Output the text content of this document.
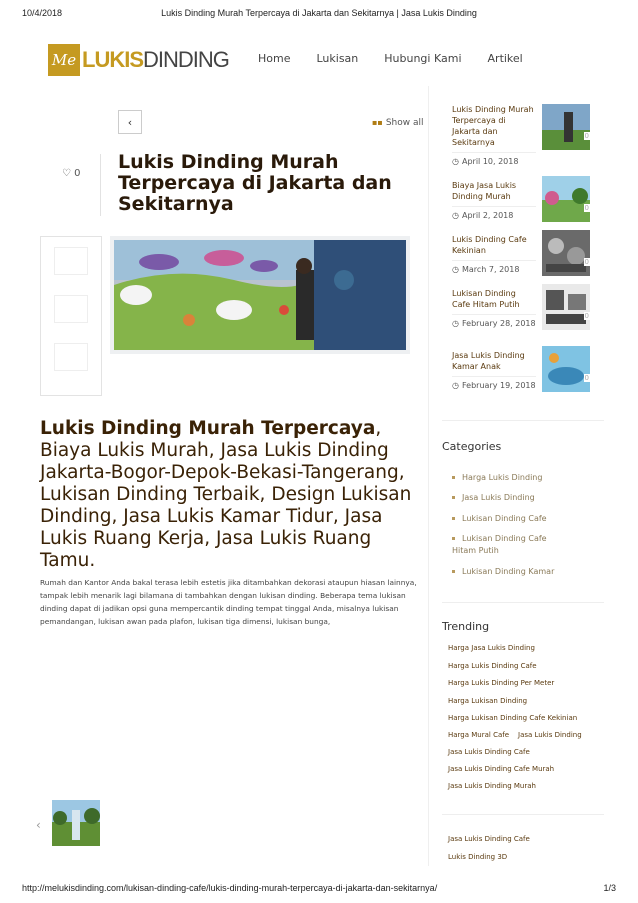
10/4/2018	Lukis Dinding Murah Terpercaya di Jakarta dan Sekitarnya | Jasa Lukis Dinding
Me LUKIS DINDING	Home Lukisan Hubungi Kami Artikel
‹	▪▪ Show all
♡ 0
Lukis Dinding Murah Terpercaya di Jakarta dan Sekitarnya
Lukis Dinding Murah Terpercaya, Biaya Lukis Murah, Jasa Lukis Dinding Jakarta-Bogor-Depok-Bekasi-Tangerang, Lukisan Dinding Terbaik, Design Lukisan Dinding, Jasa Lukis Kamar Tidur, Jasa Lukis Ruang Kerja, Jasa Lukis Ruang Tamu.

Rumah dan Kantor Anda bakal terasa lebih estetis jika ditambahkan dekorasi ataupun hiasan lainnya, tampak lebih menarik lagi bilamana di tambahkan dengan lukisan dinding. Beberapa tema lukisan dinding dapat di jadikan opsi guna mempercantik dinding tempat tinggal Anda, misalnya lukisan pemandangan, lukisan awan pada plafon, lukisan tiga dimensi, lukisan bunga,

‹
Lukis Dinding Murah Terpercaya di Jakarta dan Sekitarnya
◷ April 10, 2018
0
Biaya Jasa Lukis Dinding Murah
◷ April 2, 2018
0
Lukis Dinding Cafe Kekinian
◷ March 7, 2018
0
Lukisan Dinding Cafe Hitam Putih
◷ February 28, 2018
0
Jasa Lukis Dinding Kamar Anak
◷ February 19, 2018
0
Categories
Harga Lukis Dinding
Jasa Lukis Dinding
Lukisan Dinding Cafe
Lukisan Dinding Cafe Hitam Putih
Lukisan Dinding Kamar
Trending
Harga Jasa Lukis Dinding
Harga Lukis Dinding Cafe
Harga Lukis Dinding Per Meter
Harga Lukisan Dinding
Harga Lukisan Dinding Cafe Kekinian
Harga Mural Cafe Jasa Lukis Dinding
Jasa Lukis Dinding Cafe
Jasa Lukis Dinding Cafe Murah
Jasa Lukis Dinding Murah
Jasa Lukis Dinding Cafe
Lukis Dinding 3D
http://melukisdinding.com/lukisan-dinding-cafe/lukis-dinding-murah-terpercaya-di-jakarta-dan-sekitarnya/	1/3
